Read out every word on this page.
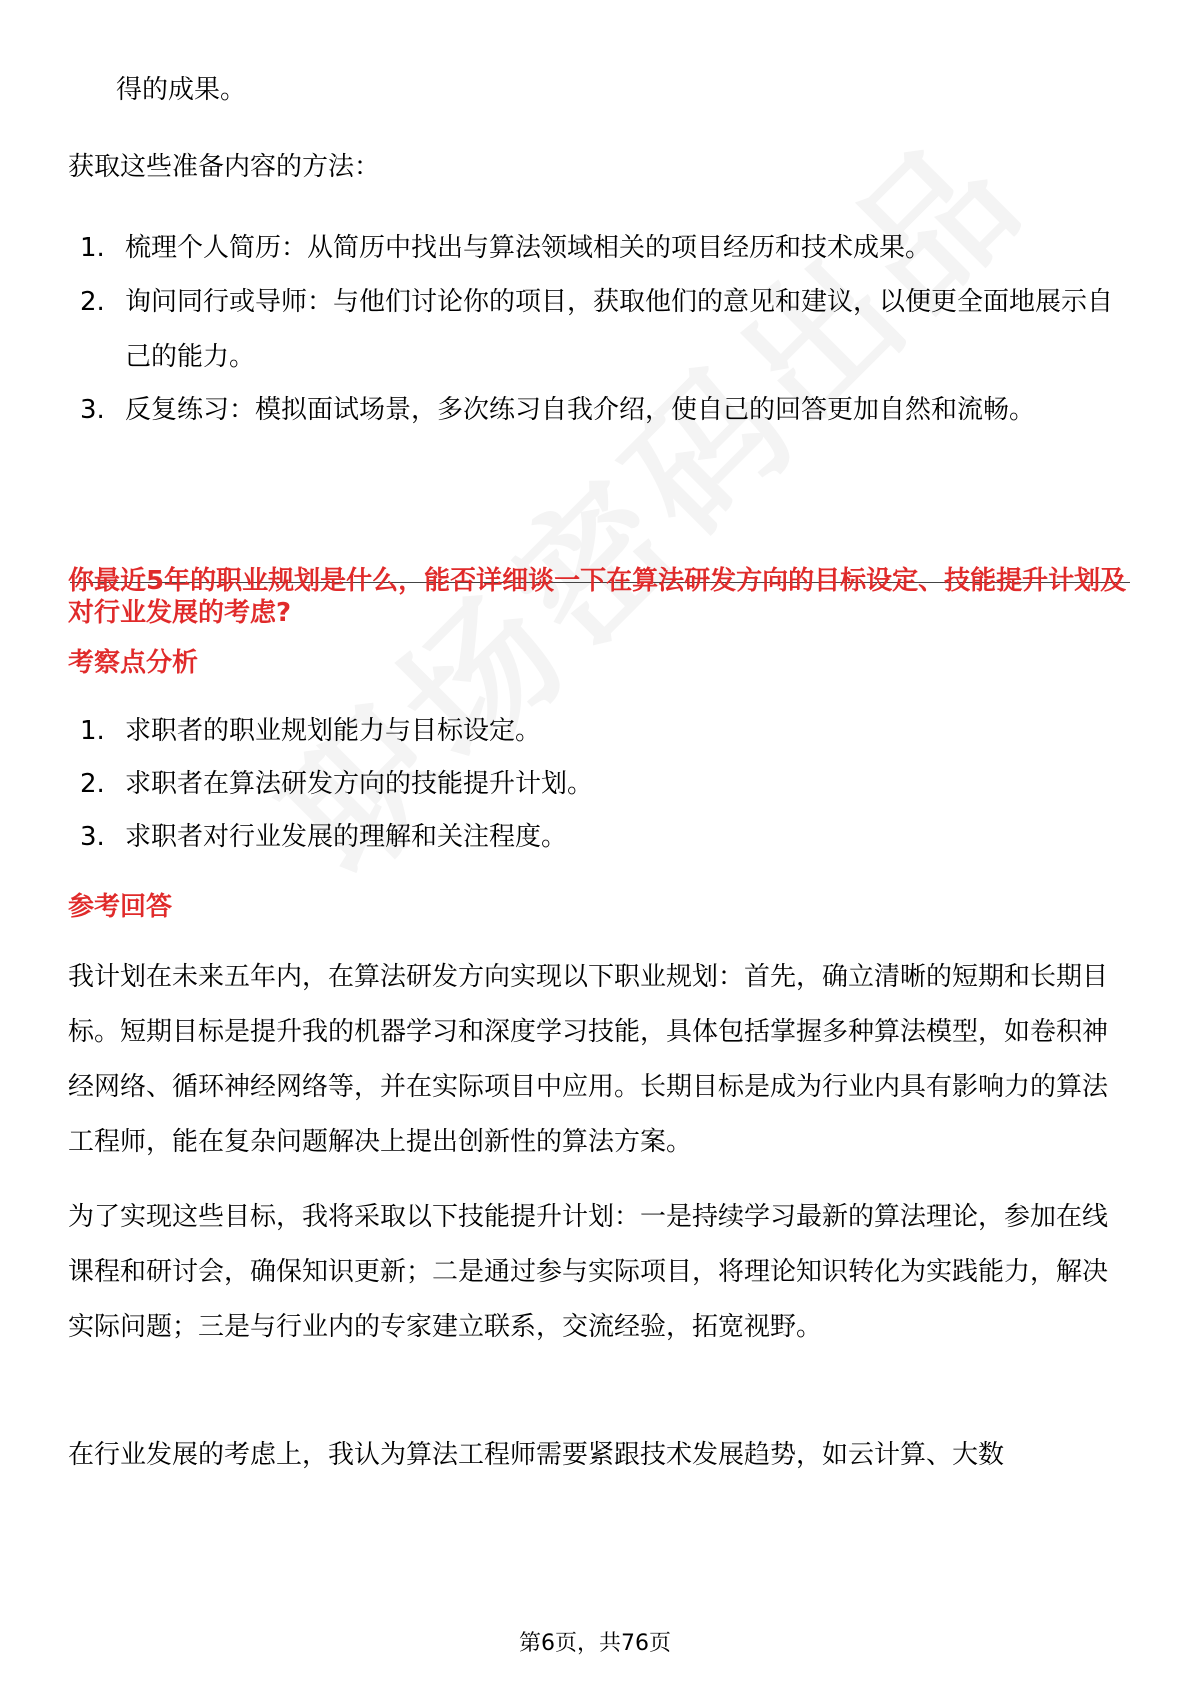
得的成果。
获取这些准备内容的方法：
1. 梳理个人简历：从简历中找出与算法领域相关的项目经历和技术成果。
2. 询问同行或导师：与他们讨论你的项目，获取他们的意见和建议，以便更全面地展示自己的能力。
3. 反复练习：模拟面试场景，多次练习自我介绍，使自己的回答更加自然和流畅。
你最近5年的职业规划是什么，能否详细谈一下在算法研发方向的目标设定、技能提升计划及对行业发展的考虑?
考察点分析
1. 求职者的职业规划能力与目标设定。
2. 求职者在算法研发方向的技能提升计划。
3. 求职者对行业发展的理解和关注程度。
参考回答
我计划在未来五年内，在算法研发方向实现以下职业规划：首先，确立清晰的短期和长期目标。短期目标是提升我的机器学习和深度学习技能，具体包括掌握多种算法模型，如卷积神经网络、循环神经网络等，并在实际项目中应用。长期目标是成为行业内具有影响力的算法工程师，能在复杂问题解决上提出创新性的算法方案。
为了实现这些目标，我将采取以下技能提升计划：一是持续学习最新的算法理论，参加在线课程和研讨会，确保知识更新；二是通过参与实际项目，将理论知识转化为实践能力，解决实际问题；三是与行业内的专家建立联系，交流经验，拓宽视野。
在行业发展的考虑上，我认为算法工程师需要紧跟技术发展趋势，如云计算、大数
第6页，共76页
